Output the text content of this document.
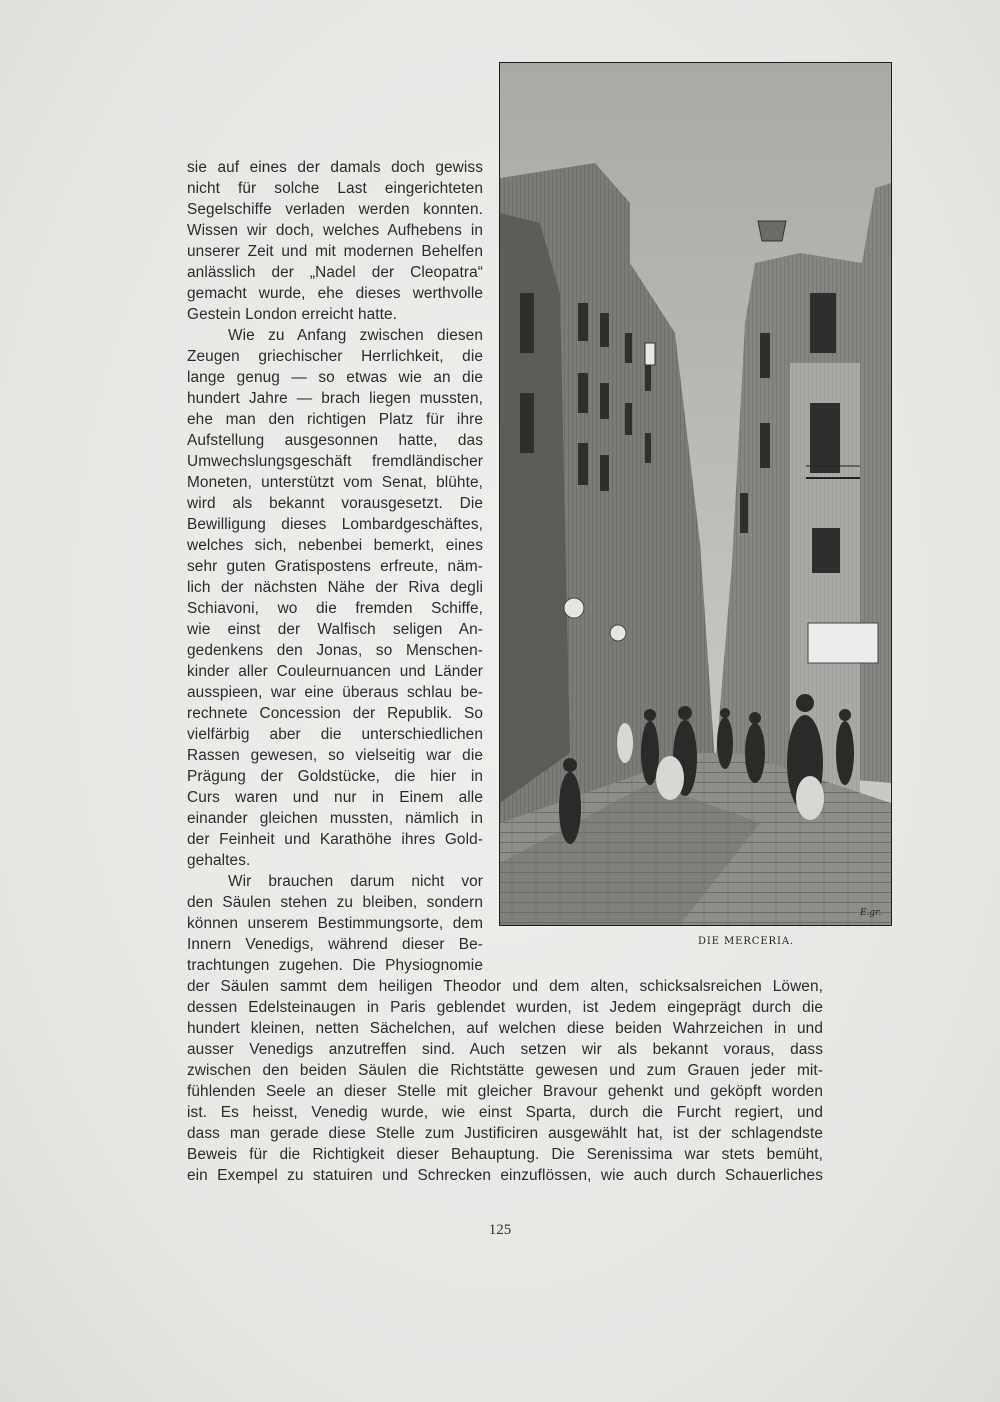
sie auf eines der damals doch gewiss
nicht für solche Last eingerichteten
Segelschiffe verladen werden konnten.
Wissen wir doch, welches Aufhebens in
unserer Zeit und mit modernen Behelfen
anlässlich der „Nadel der Cleopatra“
gemacht wurde, ehe dieses werthvolle
Gestein London erreicht hatte.
Wie zu Anfang zwischen diesen
Zeugen griechischer Herrlichkeit, die
lange genug — so etwas wie an die
hundert Jahre — brach liegen mussten,
ehe man den richtigen Platz für ihre
Aufstellung ausgesonnen hatte, das
Umwechslungsgeschäft fremdländischer
Moneten, unterstützt vom Senat, blühte,
wird als bekannt vorausgesetzt. Die
Bewilligung dieses Lombardgeschäftes,
welches sich, nebenbei bemerkt, eines
sehr guten Gratispostens erfreute, näm-
lich der nächsten Nähe der Riva degli
Schiavoni, wo die fremden Schiffe,
wie einst der Walfisch seligen An-
gedenkens den Jonas, so Menschen-
kinder aller Couleurnuancen und Länder
ausspieen, war eine überaus schlau be-
rechnete Concession der Republik. So
vielfärbig aber die unterschiedlichen
Rassen gewesen, so vielseitig war die
Prägung der Goldstücke, die hier in
Curs waren und nur in Einem alle
einander gleichen mussten, nämlich in
der Feinheit und Karathöhe ihres Gold-
gehaltes.
Wir brauchen darum nicht vor
den Säulen stehen zu bleiben, sondern
können unserem Bestimmungsorte, dem
Innern Venedigs, während dieser Be-
trachtungen zugehen. Die Physiognomie
der Säulen sammt dem heiligen Theodor und dem alten, schicksalsreichen Löwen,
dessen Edelsteinaugen in Paris geblendet wurden, ist Jedem eingeprägt durch die
hundert kleinen, netten Sächelchen, auf welchen diese beiden Wahrzeichen in und
ausser Venedigs anzutreffen sind. Auch setzen wir als bekannt voraus, dass
zwischen den beiden Säulen die Richtstätte gewesen und zum Grauen jeder mit-
fühlenden Seele an dieser Stelle mit gleicher Bravour gehenkt und geköpft worden
ist. Es heisst, Venedig wurde, wie einst Sparta, durch die Furcht regiert, und
dass man gerade diese Stelle zum Justificiren ausgewählt hat, ist der schlagendste
Beweis für die Richtigkeit dieser Behauptung. Die Serenissima war stets bemüht,
ein Exempel zu statuiren und Schrecken einzuflössen, wie auch durch Schauerliches
E.gr.
DIE MERCERIA.
125
